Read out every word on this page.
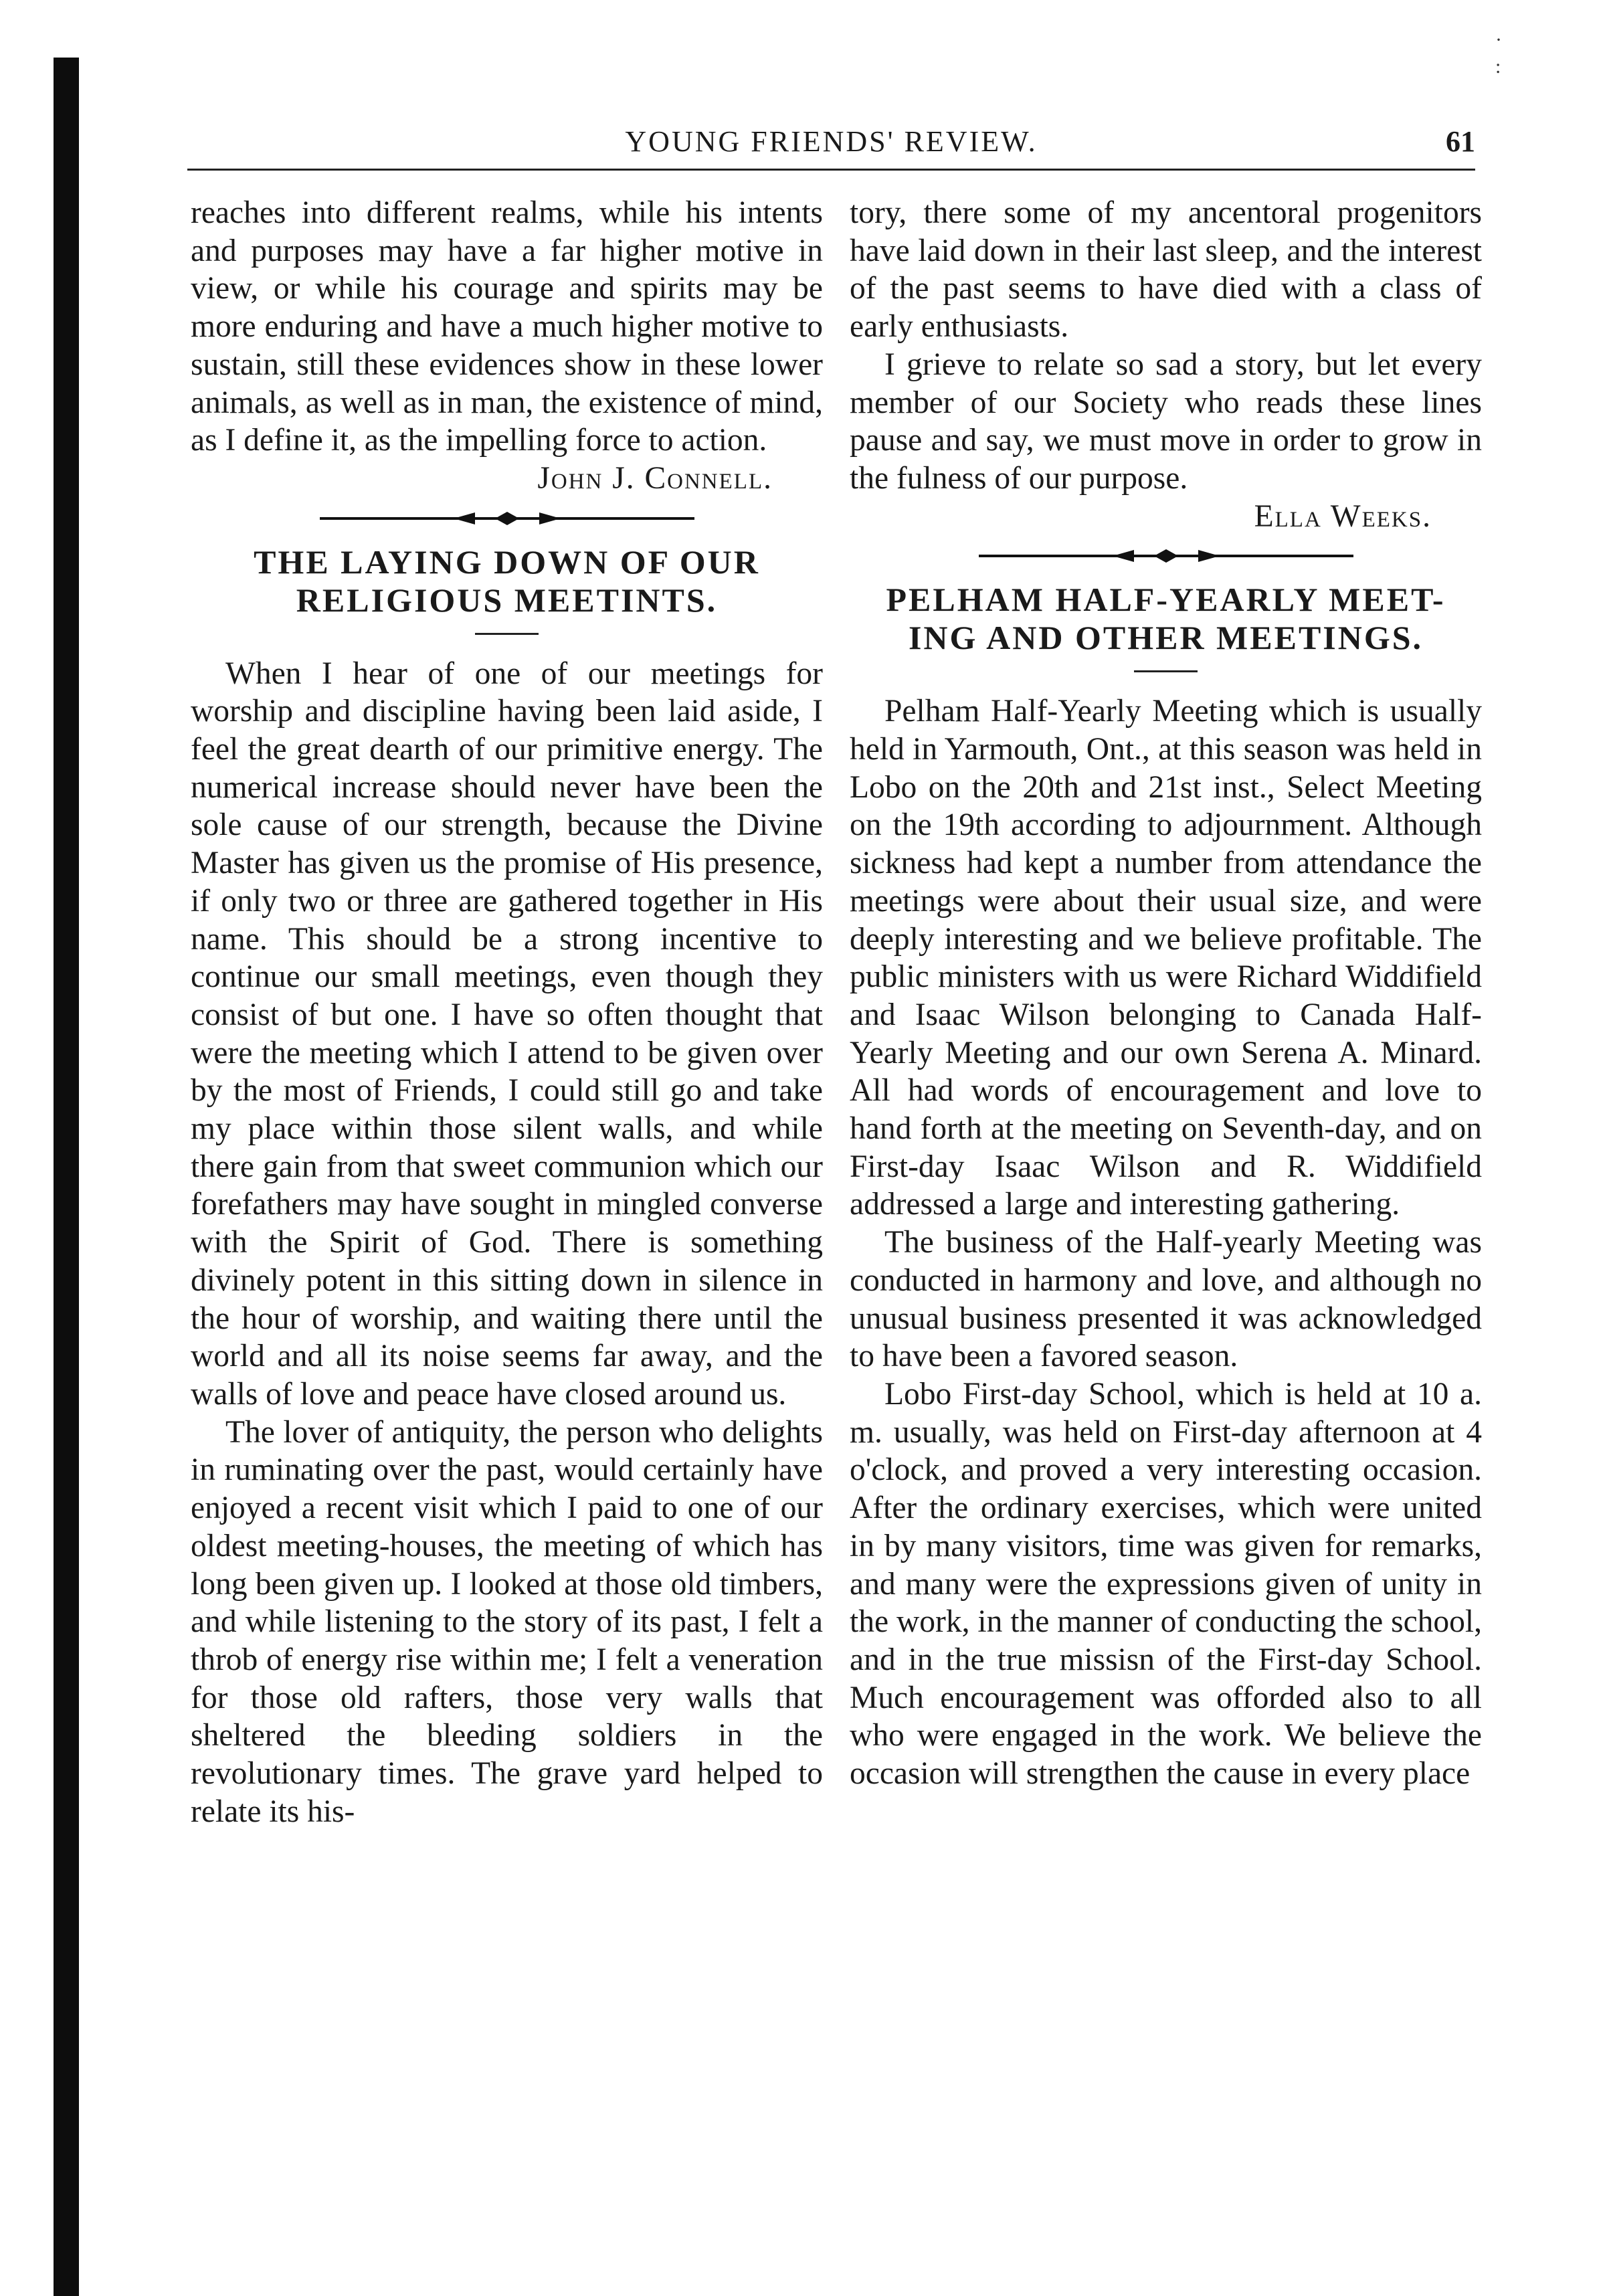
·

:
YOUNG FRIENDS' REVIEW.	61

reaches into different realms, while his intents and purposes may have a far higher motive in view, or while his courage and spirits may be more enduring and have a much higher motive to sustain, still these evidences show in these lower animals, as well as in man, the existence of mind, as I define it, as the impelling force to action.

John J. Connell.

THE LAYING DOWN OF OUR
RELIGIOUS MEETINTS.

When I hear of one of our meetings for worship and discipline having been laid aside, I feel the great dearth of our primitive energy. The numerical increase should never have been the sole cause of our strength, because the Divine Master has given us the promise of His presence, if only two or three are gathered together in His name. This should be a strong incentive to continue our small meetings, even though they consist of but one. I have so often thought that were the meeting which I attend to be given over by the most of Friends, I could still go and take my place within those silent walls, and while there gain from that sweet communion which our forefathers may have sought in mingled converse with the Spirit of God. There is something divinely potent in this sitting down in silence in the hour of worship, and waiting there until the world and all its noise seems far away, and the walls of love and peace have closed around us.

The lover of antiquity, the person who delights in ruminating over the past, would certainly have enjoyed a recent visit which I paid to one of our oldest meeting-houses, the meeting of which has long been given up. I looked at those old timbers, and while listening to the story of its past, I felt a throb of energy rise within me; I felt a veneration for those old rafters, those very walls that sheltered the bleeding soldiers in the revolutionary times. The grave yard helped to relate its his-

tory, there some of my ancentoral progenitors have laid down in their last sleep, and the interest of the past seems to have died with a class of early enthusiasts.

I grieve to relate so sad a story, but let every member of our Society who reads these lines pause and say, we must move in order to grow in the fulness of our purpose.

Ella Weeks.

PELHAM HALF-YEARLY MEET-
ING AND OTHER MEETINGS.

Pelham Half-Yearly Meeting which is usually held in Yarmouth, Ont., at this season was held in Lobo on the 20th and 21st inst., Select Meeting on the 19th according to adjournment. Although sickness had kept a number from attendance the meetings were about their usual size, and were deeply interesting and we believe profitable. The public ministers with us were Richard Widdifield and Isaac Wilson belonging to Canada Half-Yearly Meeting and our own Serena A. Minard. All had words of encouragement and love to hand forth at the meeting on Seventh-day, and on First-day Isaac Wilson and R. Widdifield addressed a large and interesting gathering.

The business of the Half-yearly Meeting was conducted in harmony and love, and although no unusual business presented it was acknowledged to have been a favored season.

Lobo First-day School, which is held at 10 a. m. usually, was held on First-day afternoon at 4 o'clock, and proved a very interesting occasion. After the ordinary exercises, which were united in by many visitors, time was given for remarks, and many were the expressions given of unity in the work, in the manner of conducting the school, and in the true missisn of the First-day School. Much encouragement was offorded also to all who were engaged in the work. We believe the occasion will strengthen the cause in every place
